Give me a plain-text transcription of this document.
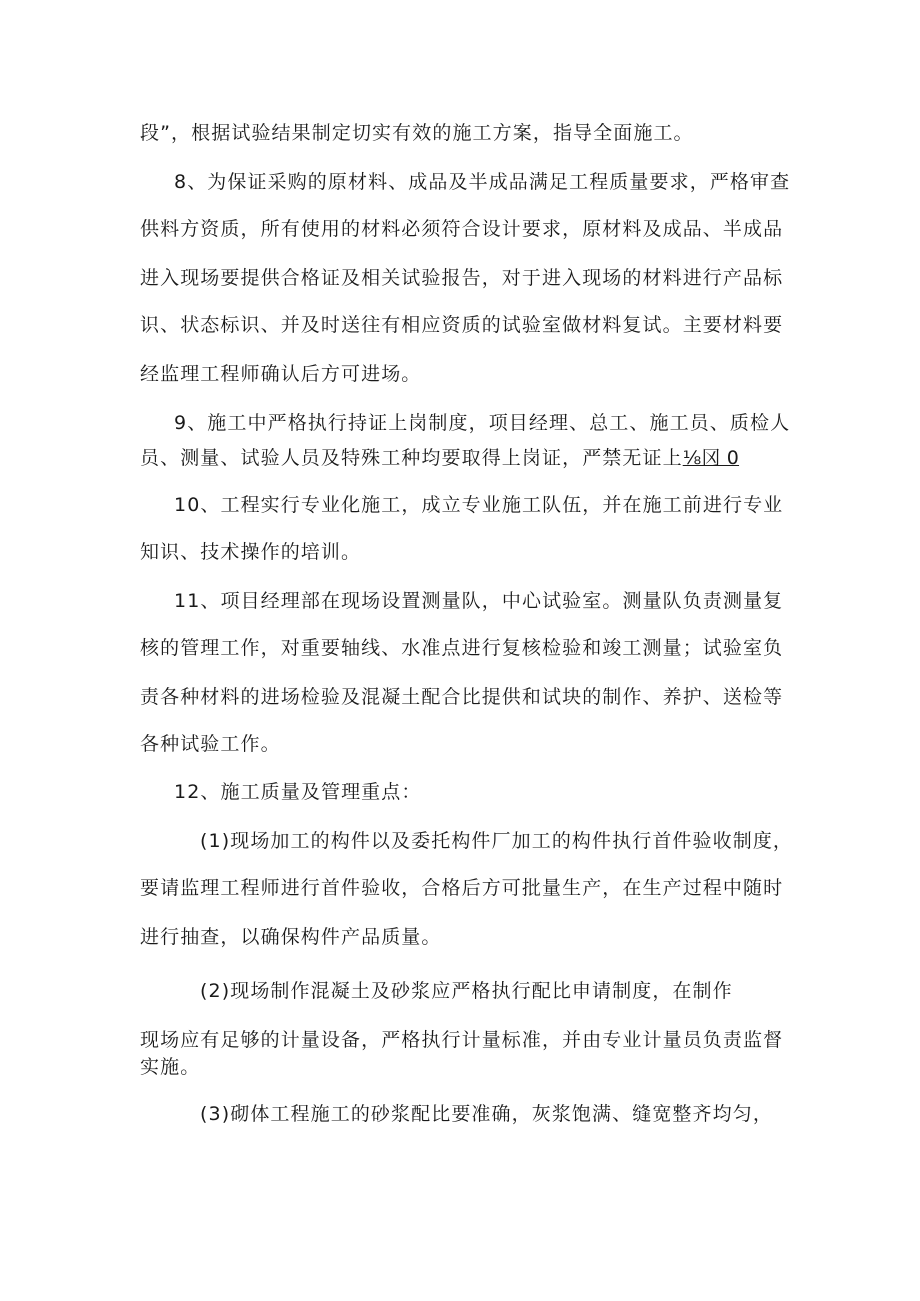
段”，根据试验结果制定切实有效的施工方案，指导全面施工。
8、为保证采购的原材料、成品及半成品满足工程质量要求，严格审查
供料方资质，所有使用的材料必须符合设计要求，原材料及成品、半成品
进入现场要提供合格证及相关试验报告，对于进入现场的材料进行产品标
识、状态标识、并及时送往有相应资质的试验室做材料复试。主要材料要
经监理工程师确认后方可进场。
9、施工中严格执行持证上岗制度，项目经理、总工、施工员、质检人
员、测量、试验人员及特殊工种均要取得上岗证，严禁无证上⅛冈 0
10、工程实行专业化施工，成立专业施工队伍，并在施工前进行专业
知识、技术操作的培训。
11、项目经理部在现场设置测量队，中心试验室。测量队负责测量复
核的管理工作，对重要轴线、水准点进行复核检验和竣工测量；试验室负
责各种材料的进场检验及混凝土配合比提供和试块的制作、养护、送检等
各种试验工作。
12、施工质量及管理重点：
(1)现场加工的构件以及委托构件厂加工的构件执行首件验收制度，
要请监理工程师进行首件验收，合格后方可批量生产，在生产过程中随时
进行抽查，以确保构件产品质量。
(2)现场制作混凝土及砂浆应严格执行配比申请制度，在制作
现场应有足够的计量设备，严格执行计量标准，并由专业计量员负责监督
实施。
(3)砌体工程施工的砂浆配比要准确，灰浆饱满、缝宽整齐均匀，
